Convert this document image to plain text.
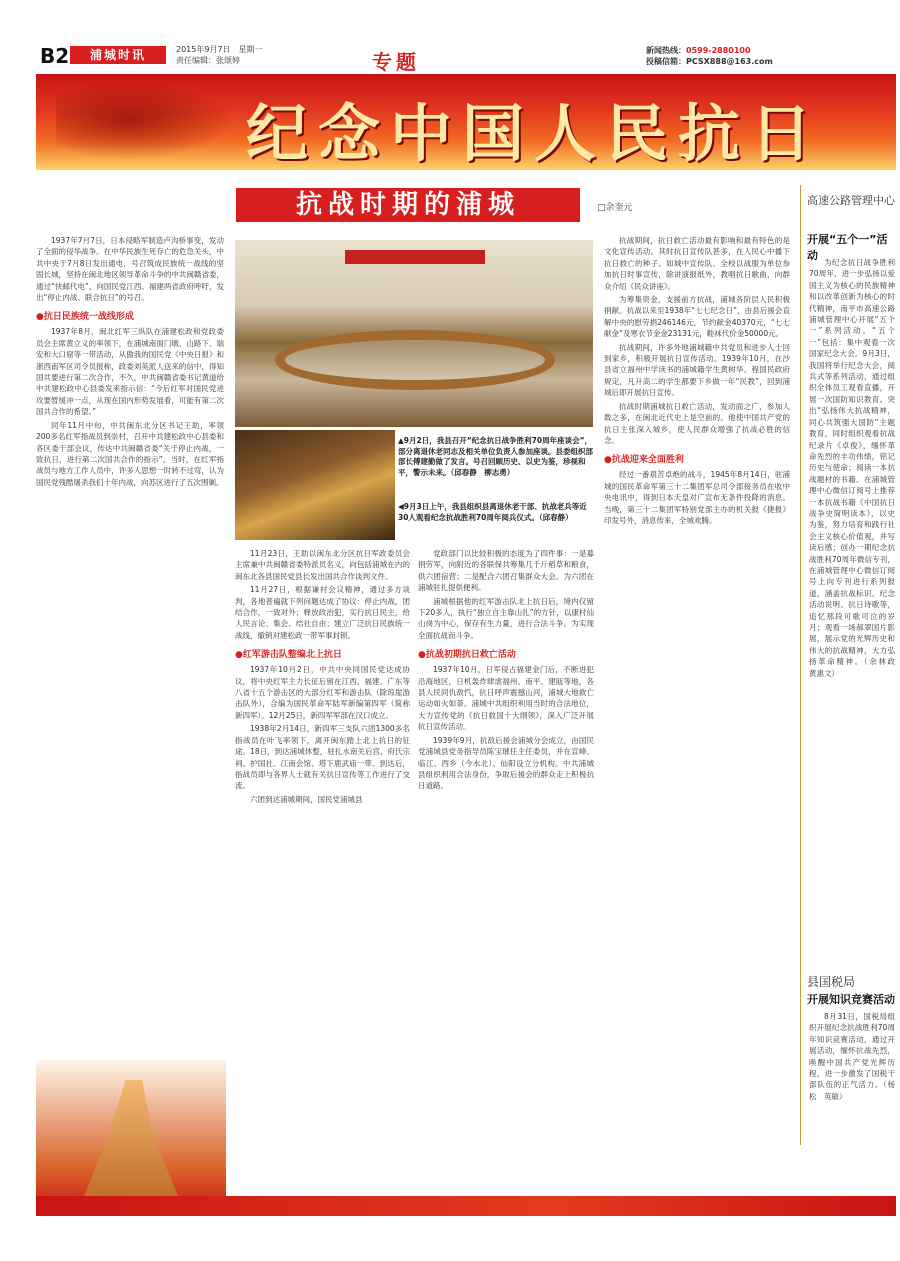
B2	浦城时讯	2015年9月7日　星期一
责任编辑：张颂婷	专题	新闻热线：0599-2880100
投稿信箱：PCSX888@163.com
纪念中国人民抗日
抗战时期的浦城	□余奎元

1937年7月7日，日本侵略军制造卢沟桥事变，发动了全面的侵华战争。在中华民族生死存亡的危急关头，中共中央于7月8日发出通电，号召筑成民族统一战线的坚固长城，坚持在闽北地区领导革命斗争的中共闽赣省委，通过“快邮代电”，向国民党江西、福建两省政府呼吁，发出“停止内战、联合抗日”的号召。

●抗日民族统一战线形成

1937年8月，闽北红军三纵队在浦建松政和党政委员会主席黄立义的率领下，在浦城南面门墩、山路下、瑞安和大口窟等一带活动，从傲我的国民党《中央日报》和浙西南军区司令员报称，政委刘英派人送来的信中，得知国共要进行第二次合作，不久，中共闽赣省委书记黄道给中共建松政中心县委发来指示信：“今后红军对国民党进攻要暂缓冲一点，从现在国内形势发展看，可能有第二次国共合作的希望。”

同年11月中旬，中共闽东北分区书记王助，率领200多名红军指战员到崇村，召开中共建松政中心县委和各区委干部会议，传达中共闽赣省委“关于停止内战，一致抗日，进行第二次国共合作的指示”。当时，在红军指战员与地方工作人员中，许多人思想一时转不过弯，认为国民党残酷屠杀我们十年内战，向苏区进行了五次围剿。

▲9月2日，我县召开“纪念抗日战争胜利70周年座谈会”，部分离退休老同志及相关单位负责人参加座谈。县委组织部部长傅建勤做了发言。号召回顾历史、以史为鉴，珍视和平，警示未来。（邱春静　柳志勇）
◀9月3日上午，我县组织县离退休老干部、抗战老兵等近30人观看纪念抗战胜利70周年阅兵仪式。（邱春静）

11月23日，王助以闽东北分区抗日军政委员会主席兼中共闽赣省委特派员名义，向包括浦城在内的闽东北各县国民党县长发出国共合作谈判文件。

11月27日，根据谦村会议精神，通过多方谈判，各地普遍就下列问题达成了协议：停止内战，团结合作，一致对外；释放政治犯，实行抗日民主，给人民言论、集会、结社自由；建立广泛抗日民族统一战线，撤销对建松政一带军事封锁。

●红军游击队整编北上抗日

1937年10月2日，中共中央同国民党达成协议，将中央红军主力长征后留在江西、福建、广东等八省十五个游击区的大部分红军和游击队（除琼崖游击队外），合编为国民革命军陆军新编第四军（简称新四军）。12月25日，新四军军部在汉口成立。

1938年2月14日，新四军三支队六团1300多名指战员在叶飞率领下，离开闽东踏上北上抗日的征途。18日，到达浦城休整，驻扎水南关后宫、府氏宗祠、护国社、江南会馆、塔下鹿武庙一带。到达后，指战员即与各界人士就有关抗日宣传等工作进行了交流。

六团到达浦城期间，国民党浦城县

党政部门以比较积极的态度为了四件事：一是募捐劳军，向附近的各联保共筹集几千斤稻草和粮食，供六团宿营；二是配合六团召集群众大会。为六团在浦城驻扎提供便利。

浦城根据他的红军游击队北上抗日后，境内仅留下20多人，执行“独立自主靠山扎”的方针，以康村仙山岗为中心，保存有生力量，进行合法斗争。为实现全面抗战而斗争。

●抗战初期抗日救亡活动

1937年10月，日军侵占福建金门后，不断进犯沿海地区，日机轰炸肆虐福州、南平、建瓯等地，各县人民同仇敌忾，抗日呼声震撼山河，浦城大地救亡运动如火如荼。浦城中共组织利用当时的合法地位，大力宣传党的《抗日救国十大纲领》，深入广泛开展抗日宣传活动。

1939年9月，抗敌后援会浦城分会成立，由国民党浦城县党务指导员陈宝璀任主任委员，并在宣峰、临江、西乡（今水北）、仙阳设立分机构。中共浦城县组织利用合法身份，争取后援会的群众走上积极抗日道路。

抗战期间，抗日救亡活动最有影响和最有特色的是文化宣传活动。其时抗日宣传队甚多，在人民心中播下抗日救亡的种子。如城中宣传队、全校以战服为单位参加抗日时事宣传，除讲演报纸外，教唱抗日歌曲，向群众介绍《民众讲座》。

为筹集资金，支援前方抗战，浦城各阶层人民积极捐献。抗战以来至1938年“七七纪念日”，由县后援会直解中央的慰劳捐246146元，节约献金40370元，“七七献金”及寒衣节金金23131元，鞋袜代价金50000元。

抗战期间，许多外地浦城籍中共党员和进步人士回到家乡，积极开展抗日宣传活动。1939年10月，在沙县省立福州中学读书的浦城籍学生黄树华、程国民政府规定，凡升高二的学生都要下乡做一年“民教”，回到浦城后即开展抗日宣传。

抗战时期浦城抗日救亡活动，发动面之广，参加人数之多，在闽北近代史上是空前的。他使中国共产党的抗日主张深入城乡，使人民群众增强了抗战必胜的信念。

●抗战迎来全面胜利

经过一番艰苦卓绝的战斗，1945年8月14日，驻浦城的国民革命军第三十二集团军总司令部接务员在收中央电讯中，得到日本天皇对广宣布无条件投降的消息。当晚，第三十二集团军特别党部主办的机关报《捷报》印发号外，消息传来，全城欢腾。

高速公路管理中心
开展“五个一”活动

为纪念抗日战争胜利70周年，进一步弘扬以爱国主义为核心的民族精神和以改革创新为核心的时代精神，南平市高速公路浦城管理中心开展“五个一”系列活动。“五个一”包括：集中观看一次国家纪念大会。9月3日，我国将举行纪念大会，阅兵式等系列活动，通过组织全体员工观看直播，开展一次国防知识教育。突出“弘扬伟大抗战精神，同心共筑强大国防”主题教育，同时组织观看抗战纪录片《卓俊》，缅怀革命先烈的丰功伟绩，铭记历史与使命；阅读一本抗战题材的书籍。在浦城管理中心微信订阅号上推荐一本抗战书籍《中国抗日战争史简明读本》，以史为鉴，努力培育和践行社会主义核心价值观，并写读后感；创办一期纪念抗战胜利70周年微信专刊，在浦城管理中心微信订阅号上向专刊进行系列报道，涵盖抗战标识、纪念活动说明、抗日诗歌等，追忆那段可歌可泣的岁月；观看一场郝翠国片影展，展示党的光辉历史和伟大的抗战精神，大力弘扬革命精神。（余林政　黄惠文）

县国税局
开展知识竞赛活动

8月31日，国税局组织开展纪念抗战胜利70周年知识竞赛活动，通过开展活动，缅怀抗战先烈，唤醒中国共产党光辉历程，进一步激发了国税干部队伍的正气活力。（杨松　英敏）
